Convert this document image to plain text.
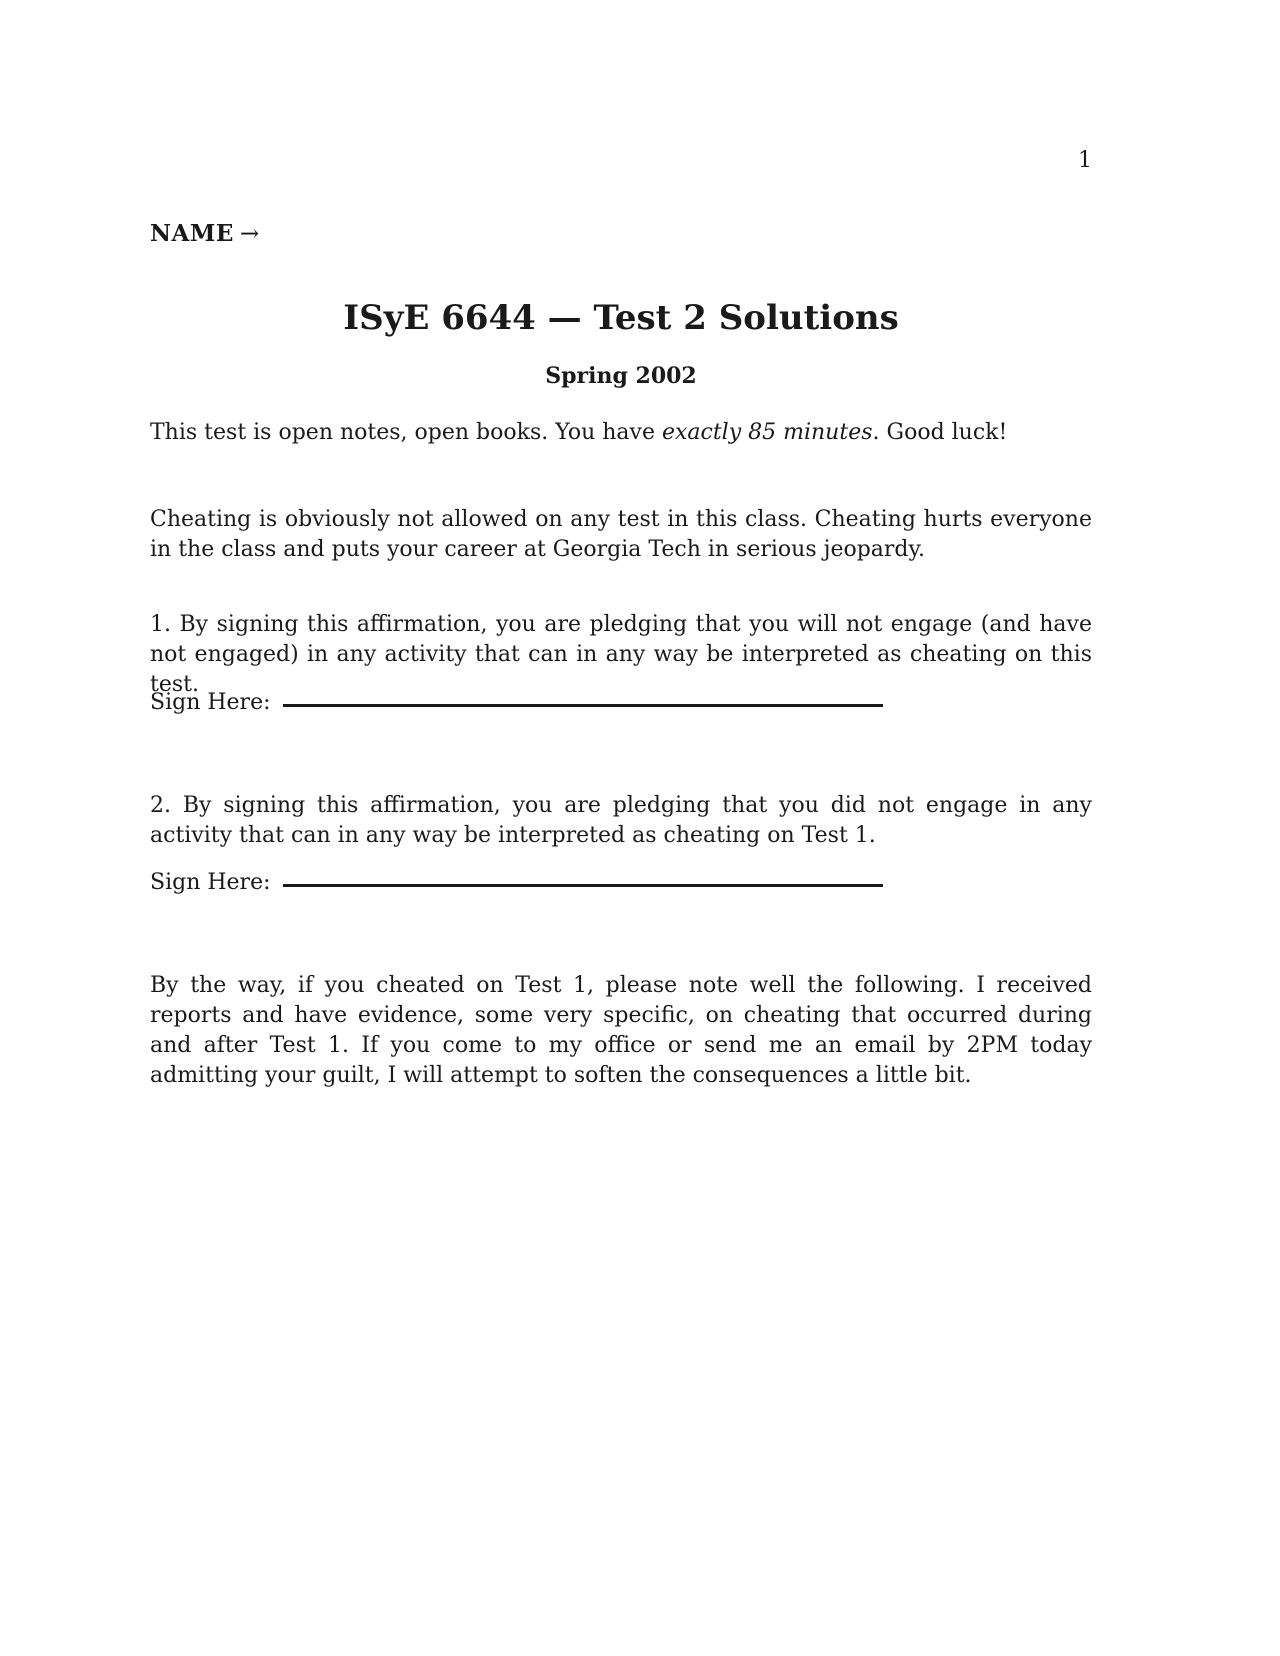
1
NAME →
ISyE 6644 — Test 2 Solutions
Spring 2002
This test is open notes, open books. You have exactly 85 minutes. Good luck!
Cheating is obviously not allowed on any test in this class. Cheating hurts everyone in the class and puts your career at Georgia Tech in serious jeopardy.
1. By signing this affirmation, you are pledging that you will not engage (and have not engaged) in any activity that can in any way be interpreted as cheating on this test.
Sign Here:
2. By signing this affirmation, you are pledging that you did not engage in any activity that can in any way be interpreted as cheating on Test 1.
Sign Here:
By the way, if you cheated on Test 1, please note well the following. I received reports and have evidence, some very specific, on cheating that occurred during and after Test 1. If you come to my office or send me an email by 2PM today admitting your guilt, I will attempt to soften the consequences a little bit.
